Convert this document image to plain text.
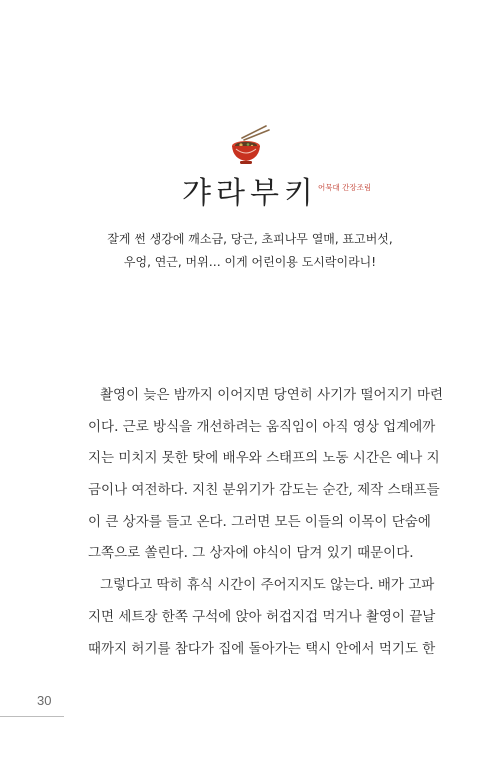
갸라부키 어묵대 간장조림
잘게 썬 생강에 깨소금, 당근, 초피나무 열매, 표고버섯,
우엉, 연근, 머위… 이게 어린이용 도시락이라니!
촬영이 늦은 밤까지 이어지면 당연히 사기가 떨어지기 마련
이다. 근로 방식을 개선하려는 움직임이 아직 영상 업계에까
지는 미치지 못한 탓에 배우와 스태프의 노동 시간은 예나 지
금이나 여전하다. 지친 분위기가 감도는 순간, 제작 스태프들
이 큰 상자를 들고 온다. 그러면 모든 이들의 이목이 단숨에
그쪽으로 쏠린다. 그 상자에 야식이 담겨 있기 때문이다.
그렇다고 딱히 휴식 시간이 주어지지도 않는다. 배가 고파
지면 세트장 한쪽 구석에 앉아 허겁지겁 먹거나 촬영이 끝날
때까지 허기를 참다가 집에 돌아가는 택시 안에서 먹기도 한
30
